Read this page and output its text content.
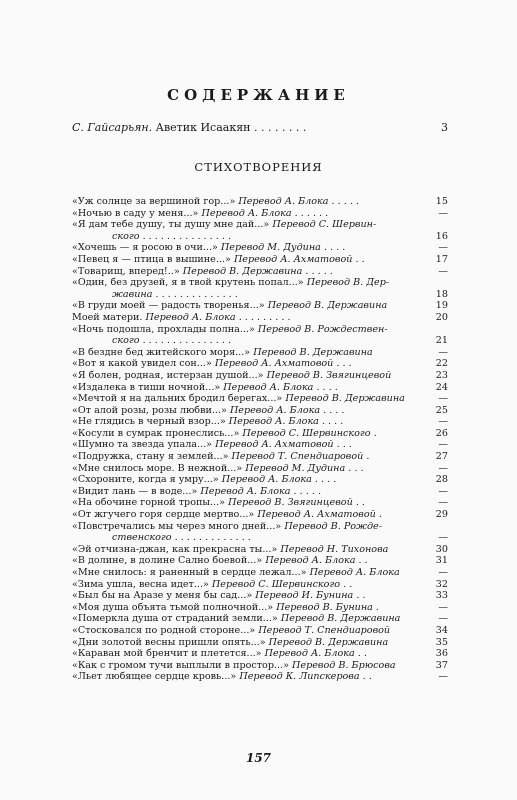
СОДЕРЖАНИЕ
С. Гайсарьян. Аветик Исаакян . . . . . . . .	3
СТИХОТВОРЕНИЯ
«Уж солнце за вершиной гор...» Перевод А. Блока . . . . .	15
«Ночью в саду у меня...» Перевод А. Блока . . . . . .	—
«Я дам тебе душу, ты душу мне дай...» Перевод С. Шервин-
ского . . . . . . . . . . . . . . .	16
«Хочешь — я росою в очи...» Перевод М. Дудина . . . .	—
«Певец я — птица в вышине...» Перевод А. Ахматовой . .	17
«Товарищ, вперед!..» Перевод В. Державина . . . . .	—
«Один, без друзей, я в твой крутень попал...» Перевод В. Дер-
жавина . . . . . . . . . . . . . .	18
«В груди моей — радость творенья...» Перевод В. Державина	19
Моей матери. Перевод А. Блока . . . . . . . . .	20
«Ночь подошла, прохлады полна...» Перевод В. Рождествен-
ского . . . . . . . . . . . . . . .	21
«В бездне бед житейского моря...» Перевод В. Державина	—
«Вот я какой увидел сон...» Перевод А. Ахматовой . . .	22
«Я болен, родная, истерзан душой...» Перевод В. Звягинцевой	23
«Издалека в тиши ночной...» Перевод А. Блока . . . .	24
«Мечтой я на дальних бродил берегах...» Перевод В. Державина	—
«От алой розы, розы любви...» Перевод А. Блока . . . .	25
«Не глядись в черный взор...» Перевод А. Блока . . . .	—
«Косули в сумрак пронеслись...» Перевод С. Шервинского .	26
«Шумно та звезда упала...» Перевод А. Ахматовой . . .	—
«Подружка, стану я землей...» Перевод Т. Спендиаровой .	27
«Мне снилось море. В нежной...» Перевод М. Дудина . . .	—
«Схороните, когда я умру...» Перевод А. Блока . . . .	28
«Видит лань — в воде...» Перевод А. Блока . . . . .	—
«На обочине горной тропы...» Перевод В. Звягинцевой . .	—
«От жгучего горя сердце мертво...» Перевод А. Ахматовой .	29
«Повстречались мы через много дней...» Перевод В. Рожде-
ственского . . . . . . . . . . . . .	—
«Эй отчизна-джан, как прекрасна ты...» Перевод Н. Тихонова	30
«В долине, в долине Сално боевой...» Перевод А. Блока . .	31
«Мне снилось: я раненный в сердце лежал...» Перевод А. Блока	—
«Зима ушла, весна идет...» Перевод С. Шервинского . .	32
«Был бы на Аразе у меня бы сад...» Перевод И. Бунина . .	33
«Моя душа объята тьмой полночной...» Перевод В. Бунина .	—
«Померкла душа от страданий земли...» Перевод В. Державина	—
«Стосковался по родной стороне...» Перевод Т. Спендиаровой	34
«Дни золотой весны пришли опять...» Перевод В. Державина	35
«Караван мой бренчит и плетется...» Перевод А. Блока . .	36
«Как с громом тучи выплыли в простор...» Перевод В. Брюсова	37
«Льет любящее сердце кровь...» Перевод К. Липскерова . .	—
157
